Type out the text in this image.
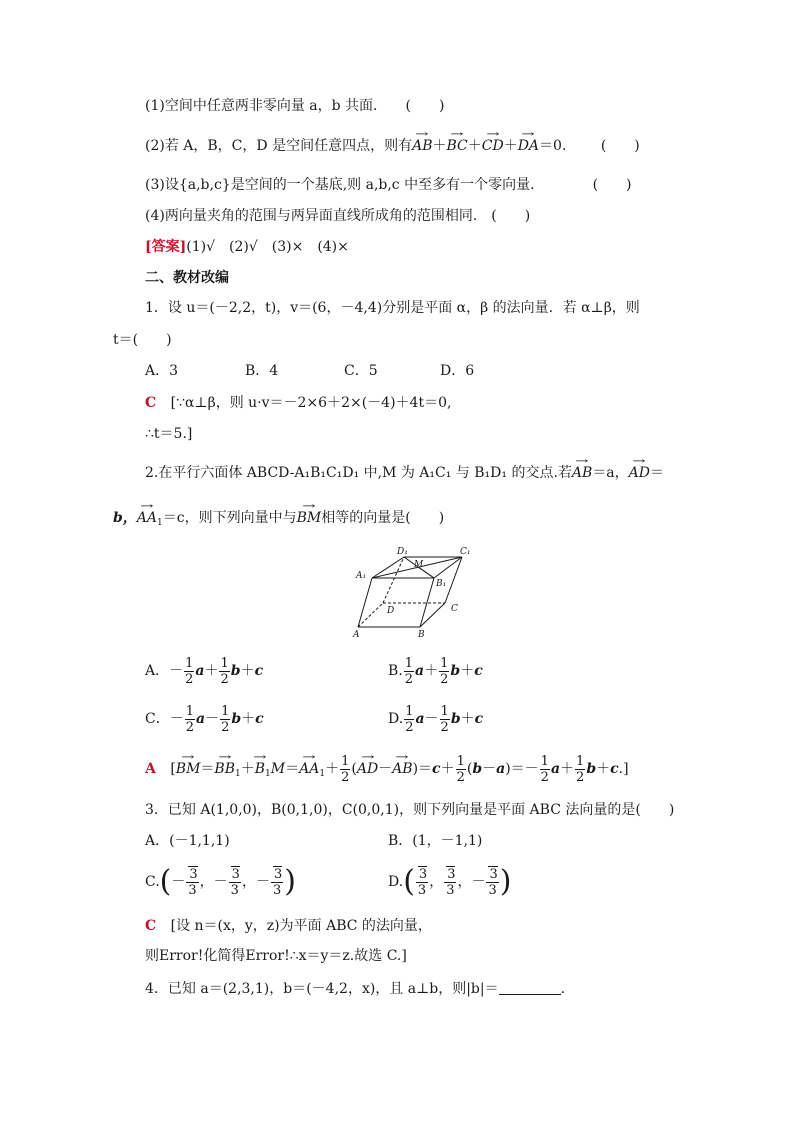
(1)空间中任意两非零向量 a，b 共面． (　　)
(2)若 A，B，C，D 是空间任意四点，则有→ AB＋→ BC＋→ CD＋→ DA＝0. (　　)
(3)设{a,b,c}是空间的一个基底,则 a,b,c 中至多有一个零向量．	(　　)
(4)两向量夹角的范围与两异面直线所成角的范围相同． (　　)
[答案](1)√　(2)√　(3)×　(4)×
二、教材改编
1．设 u＝(－2,2，t)，v＝(6，－4,4)分别是平面 α，β 的法向量．若 α⊥β，则
t＝(　　)
A．3	B．4	C．5	D．6
C [∵α⊥β，则 u·v＝－2×6＋2×(－4)＋4t＝0,
∴t＝5.]
2.在平行六面体 ABCD-A₁B₁C₁D₁ 中,M 为 A₁C₁ 与 B₁D₁ 的交点.若→ AB＝a，→ AD＝
b，→ $AA_1=c$，则下列向量中与→ BM相等的向量是(　　)
D₁	C₁
M
A₁
B₁
D	C
A	B
A．－ $\frac{1}{2} a+ \frac{1}{2} b+c$	B. $\frac{1}{2} a+ \frac{1}{2} b+c$
C．－ $\frac{1}{2} a- \frac{1}{2} b+c$	D. $\frac{1}{2} a- \frac{1}{2} b+c$
A [→ $BM=\to BB_1+\to B_1M=\to AA_1+ \frac{1}{2}$ (→ $AD-\to AB)=c+ \frac{1}{2} (b-a)=- \frac{1}{2} a+ \frac{1}{2} b+c$.]
3．已知 A(1,0,0)，B(0,1,0)，C(0,0,1)，则下列向量是平面 ABC 法向量的是(　　)
A．(－1,1,1)	B．(1，－1,1)
$C.(- \frac{3}{3}$ ，－ $\frac{3}{3}$ ，－ $\frac{3}{3}$ )	$D.( \frac{3}{3}$ ， $\frac{3}{3}$ ，－ $\frac{3}{3}$ )
C [设 n＝(x，y，z)为平面 ABC 的法向量，
则Error!化简得Error!∴x＝y＝z.故选 C.]
4．已知 a＝(2,3,1)，b＝(－4,2，x)，且 a⊥b，则|b|＝	.
